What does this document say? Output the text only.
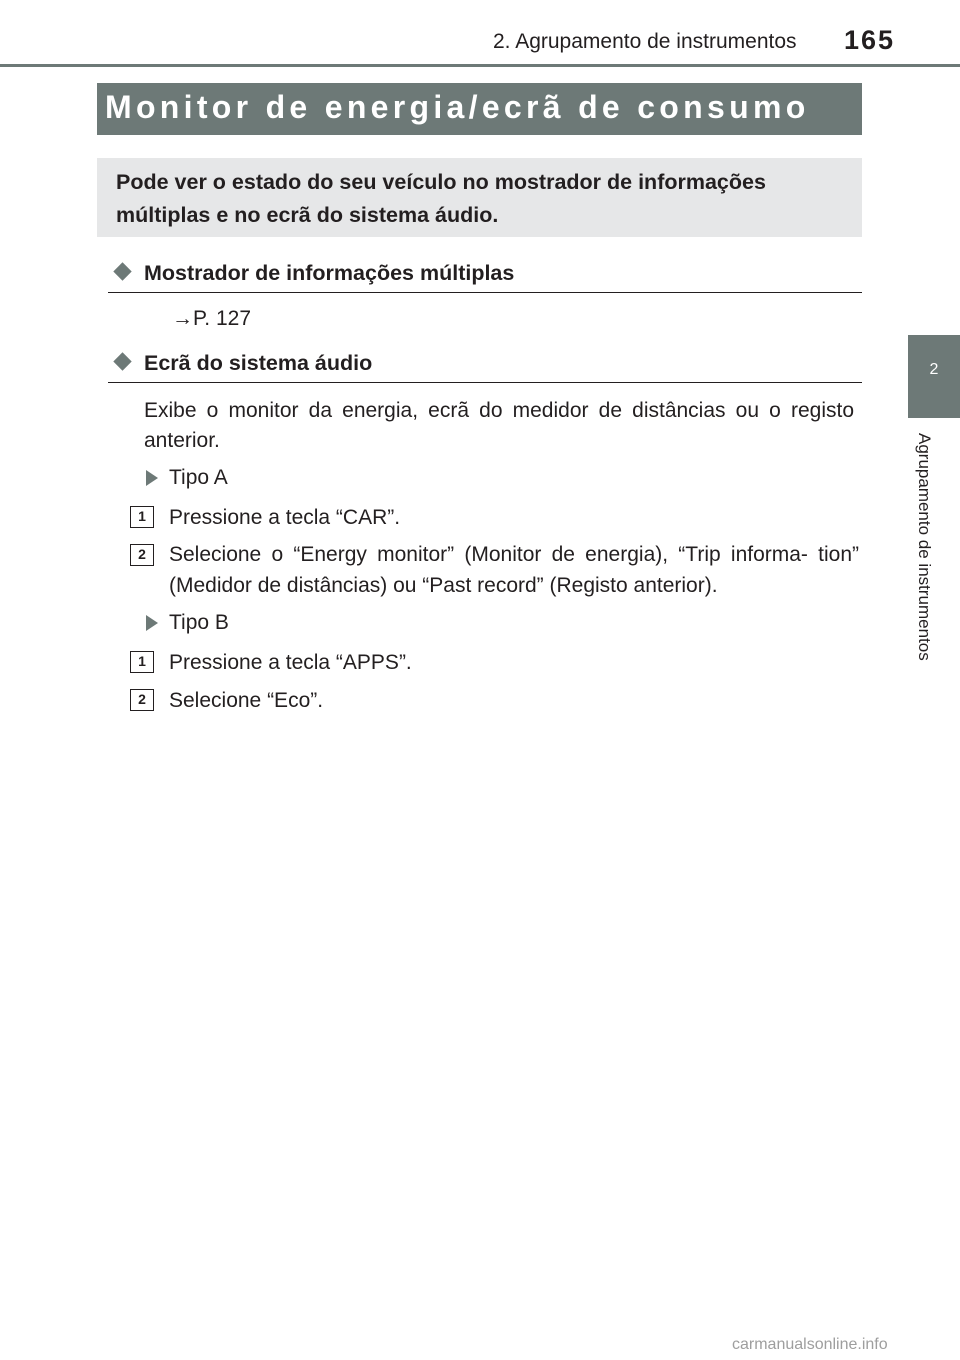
2. Agrupamento de instrumentos 165
2
Agrupamento de instrumentos
Monitor de energia/ecrã de consumo
Pode ver o estado do seu veículo no mostrador de informações múltiplas e no ecrã do sistema áudio.
Mostrador de informações múltiplas
→P. 127
Ecrã do sistema áudio
Exibe o monitor da energia, ecrã do medidor de distâncias ou o registo anterior.
Tipo A
1	Pressione a tecla “CAR”.
2	Selecione o “Energy monitor” (Monitor de energia), “Trip informa- tion” (Medidor de distâncias) ou “Past record” (Registo anterior).
Tipo B
1	Pressione a tecla “APPS”.
2	Selecione “Eco”.
carmanualsonline.info
